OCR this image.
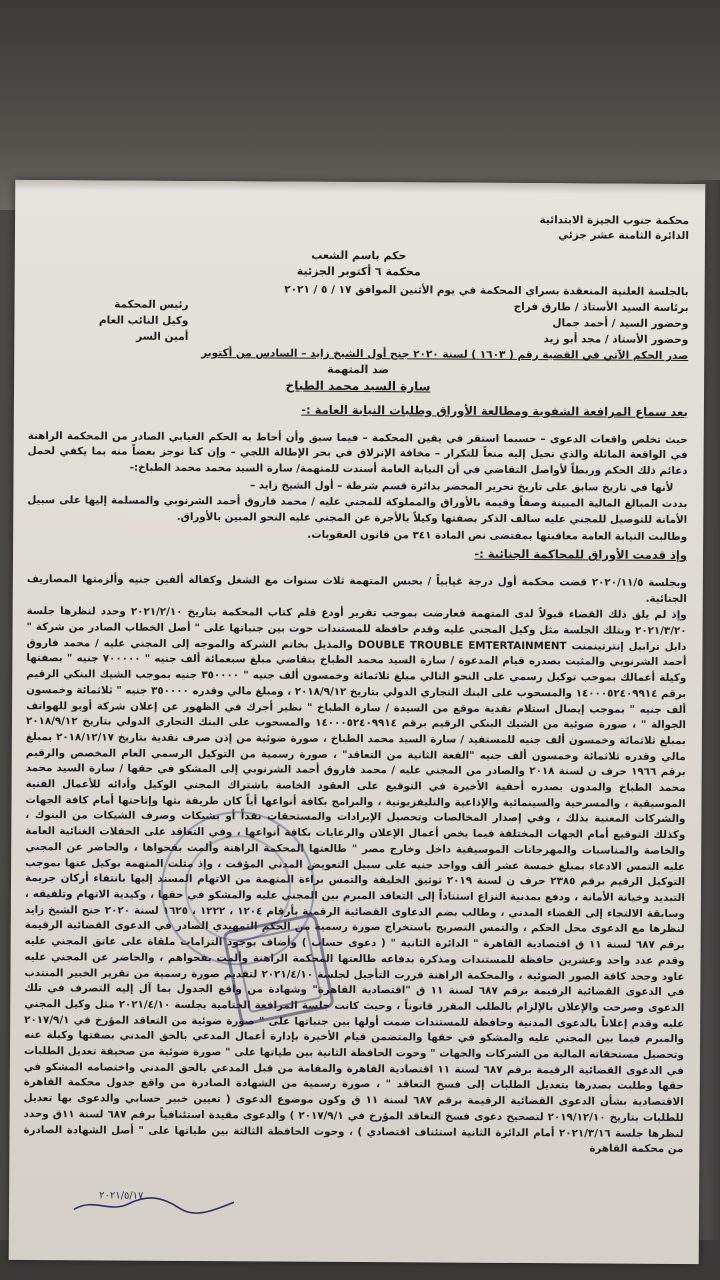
محكمة جنوب الجيزة الابتدائية
الدائرة الثامنة عشر جزئي
حكم باسم الشعب
محكمة ٦ أكتوبر الجزئية
بالجلسة العلنية المنعقدة بسراي المحكمة في يوم الأثنين الموافق ١٧ / ٥ / ٢٠٢١
برئاسة السيد الأستاذ / طارق فراج
رئيس المحكمة
وحضور السيد / أحمد جمال
وكيل النائب العام
وحضور الأستاذ / مجد أبو زيد
أمين السر
صدر الحكم الآتي في القضية رقم ( ١٦٠٣ ) لسنة ٢٠٢٠ جنح أول الشيخ زايد – السادس من أكتوبر
ضد المتهمة
سارة السيد محمد الطباخ

بعد سماع المرافعة الشفوية ومطالعة الأوراق وطلبات النيابة العامة :-

حيث تخلص واقعات الدعوى – حسبما استقر في يقين المحكمة – فيما سبق وأن أحاط به الحكم الغيابي الصادر من المحكمة الراهنة في الواقعة الماثلة والذي نحيل إليه منعاً للتكرار – مخافة الإنزلاق في بحر الإطالة اللجي – وإن كنا نوجز بعضاً منه بما يكفي لحمل دعائم ذلك الحكم وربطاً لأواصل التقاضي في أن النيابة العامة أسندت للمتهمة/ سارة السيد محمد محمد الطباخ:-

لأنها في تاريخ سابق على تاريخ تحرير المحضر بدائرة قسم شرطة – أول الشيخ زايد –

بددت المبالغ المالية المبينة وصفاً وقيمة بالأوراق والمملوكة للمجني عليه / محمد فاروق أحمد الشرنوبي والمسلمة إليها على سبيل الأمانة للتوصيل للمجني عليه سالف الذكر بصفتها وكيلاً بالأجرة عن المجني عليه النحو المبين بالأوراق.

وطالبت النيابة العامة معاقبتها بمقتضى نص المادة ٣٤١ من قانون العقوبات.

وإذ قدمت الأوراق للمحاكمة الجنائية :-

وبجلسة ٢٠٢٠/١١/٥ قضت محكمة أول درجة غيابياً / بحبس المتهمة ثلاث سنوات مع الشغل وكفالة ألفين جنيه وألزمتها المصاريف الجنائية.

وإذ لم يلق ذلك القضاء قبولاً لدى المتهمة فعارضت بموجب تقرير أودع قلم كتاب المحكمة بتاريخ ٢٠٢١/٢/١٠ وحدد لنظرها جلسة ٢٠٢١/٣/٢٠ وبتلك الجلسة مثل وكيل المجني عليه وقدم حافظة للمستندات حوت بين جنباتها على " أصل الخطاب الصادر من شركة " دابل ترابيل إنترتينمنت DOUBLE TROUBLE EMTERTAINMENT والمذيل بخاتم الشركة والموجه إلى المجني عليه / محمد فاروق أحمد الشرنوبي والمثبت بصدره قيام المدعوة / سارة السيد محمد الطباخ بتقاضي مبلغ سبعمائة ألف جنيه " ٧٠٠٠٠٠ جنيه " بصفتها وكيلة أعمالك بموجب توكيل رسمي على النحو التالي مبلغ ثلاثمائة وخمسون ألف جنيه " ٣٥٠٠٠٠ جنيه بموجب الشيك البنكي الرقيم برقم ١٤٠٠٠٥٢٤٠٩٩١٤ والمسحوب على البنك التجاري الدولي بتاريخ ٢٠١٨/٩/١٢ ، ومبلغ مالي وقدره ٣٥٠٠٠٠ جنيه " ثلاثمائة وخمسون ألف جنيه " بموجب إيصال استلام نقدية موقع من السيدة / سارة الطباخ " نظير أجرك في الظهور عن إعلان شركة أوبو للهواتف الجوالة " ، صورة ضوئية من الشيك البنكي الرقيم برقم ١٤٠٠٠٥٢٤٠٩٩١٤ والمسحوب على البنك التجاري الدولي بتاريخ ٢٠١٨/٩/١٢ بمبلغ ثلاثمائة وخمسون ألف جنيه للمستفيد / سارة السيد محمد الطباخ ، صورة ضوئية من إذن صرف نقدية بتاريخ ٢٠١٨/١٢/١٧ بمبلغ مالي وقدره ثلاثمائة وخمسون ألف جنيه "الفعة الثانية من التعاقد" ، صورة رسمية من التوكيل الرسمي العام المخصص والرقيم برقم ١٩٦٦ حرف ن لسنة ٢٠١٨ والصادر من المجني عليه / محمد فاروق أحمد الشرنوبي إلى المشكو في حقها / سارة السيد محمد محمد الطباخ والمدون بصدره أحقية الأخيرة في التوقيع على العقود الخاصة باشتراك المجني الوكيل وأدائه للأعمال الفنية الموسيقية ، والمسرحية والسينمائية والإذاعية والتليفزيونية ، والبرامج بكافة أنواعها أياً كان طريقة بثها وإتاحتها أمام كافة الجهات والشركات المعنية بذلك ، وفي إصدار المخالصات وتحصيل الإيرادات والمستحقات نقداً أو بشيكات وصرف الشيكات من البنوك ، وكذلك التوقيع أمام الجهات المختلفة فيما يخص أعمال الإعلان والرعايات بكافة أنواعها ، وفي التعاقد على الحفلات الغنائية العامة والخاصة والمناسبات والمهرجانات الموسيقية داخل وخارج مصر " طالعتها المحكمة الراهنة وألمت بفحواها ، والحاضر عن المجني عليه التمس الادعاء بمبلغ خمسة عشر ألف وواحد جنيه على سبيل التعويض المدني المؤقت ، وإذ مثلت المتهمة بوكيل عنها بموجب التوكيل الرقيم برقم ٢٣٨٥ حرف ن لسنة ٢٠١٩ توثيق الخليفة والتمس براءة المتهمة من الاتهام المسند إليها بانتفاء أركان جريمة التبديد وخيانة الأمانة ، ودفع بمدنية النزاع استناداً إلى التعاقد المبرم بين المجني عليه والمشكو في حقها ، وكيدية الاتهام وتلفيقه ، وسابقة الالتجاء إلى القضاء المدني ، وطالب بضم الدعاوى القضائية الرقمية بأرقام ١٢٠٤ ، ١٢٢٢ ، ١٦٢٥ لسنة ٢٠٢٠ جنح الشيخ زايد لنظرها مع الدعوى محل الحكم ، والتمس التصريح باستخراج صورة رسمية من الحكم التمهيدي الصادر في الدعوى القضائية الرقيمة برقم ٦٨٧ لسنة ١١ ق اقتصادية القاهرة " الدائرة الثانية " ( دعوى حساب ) وأضاف بوجود التزامات ملقاة على عاتق المجني عليه وقدم عدد واحد وعشرين حافظة للمستندات ومذكرة بدفاعه طالعتها المحكمة الراهنة وألمت بفحواهم ، والحاضر عن المجني عليه عاود وجحد كافة الصور الضوئية ، والمحكمة الراهنة قررت التأجيل لجلسة ٢٠٢١/٤/١٠ لتقديم صورة رسمية من تقرير الخبير المنتدب في الدعوى القضائية الرقيمة برقم ٦٨٧ لسنة ١١ ق "اقتصادية القاهرة" وشهادة من واقع الجدول بما آل إليه التصرف في تلك الدعوى وصرحت والإعلان بالإلزام بالطلب المقرر قانوناً ، وحيث كانت جلسة المرافعة الختامية بجلسة ٢٠٢١/٤/١٠ مثل وكيل المجني عليه وقدم إعلاناً بالدعوى المدنية وحافظة للمستندات ضمت أولها بين جنباتها على " صورة ضوئية من التعاقد المؤرخ في ٢٠١٧/٩/١ والمبرم فيما بين المجني عليه والمشكو في حقها والمتضمن قيام الأخيرة بإدارة أعمال المدعي بالحق المدني بصفتها وكيلة عنه وتحصيل مستحقاته المالية من الشركات والجهات " وحوت الحافظة الثانية بين طياتها على " صورة ضوئية من صحيفة تعديل الطلبات في الدعوى القضائية الرقيمة برقم ٦٨٧ لسنة ١١ اقتصادية القاهرة والمقامة من قبل المدعي بالحق المدني واختصامه المشكو في حقها وطلبت بصدرها بتعديل الطلبات إلى فسخ التعاقد " ، صورة رسمية من الشهادة الصادرة من واقع جدول محكمة القاهرة الاقتصادية بشأن الدعوى القضائية الرقيمة برقم ٦٨٧ لسنة ١١ ق وكون موضوع الدعوى ( تعيين خبير حسابي والدعوى بها تعديل للطلبات بتاريخ ٢٠١٩/١٢/١٠ لتصحيح دعوى فسخ التعاقد المؤرخ في ٢٠١٧/٩/١ ) والدعوى مقيدة استئنافياً برقم ٦٨٧ لسنة ١١ق وحدد لنظرها جلسة ٢٠٢١/٣/١٦ أمام الدائرة الثانية استئناف اقتصادي ) ، وحوت الحافظة الثالثة بين طياتها على " أصل الشهادة الصادرة من محكمة القاهرة

٢٠٢١/٥/١٧
